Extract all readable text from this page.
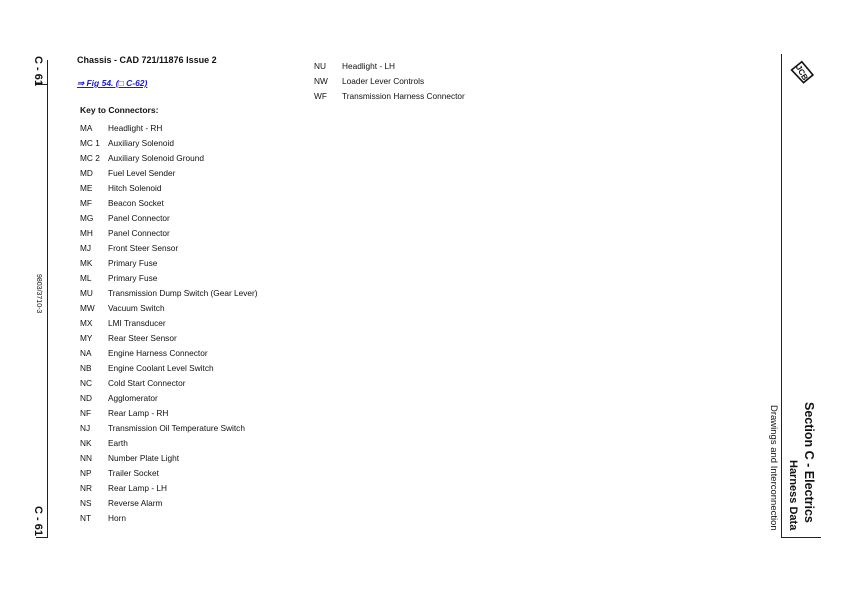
C - 61
9803/3710-3
C - 61
JCB
Section C - Electrics
Harness Data
Drawings and Interconnection
Chassis - CAD 721/11876 Issue 2
⇒ Fig 54. (□ C-62)
Key to Connectors:
MA	Headlight - RH
MC 1 Auxiliary Solenoid
MC 2 Auxiliary Solenoid Ground
MD	Fuel Level Sender
ME	Hitch Solenoid
MF	Beacon Socket
MG	Panel Connector
MH	Panel Connector
MJ	Front Steer Sensor
MK	Primary Fuse
ML	Primary Fuse
MU	Transmission Dump Switch (Gear Lever)
MW	Vacuum Switch
MX	LMI Transducer
MY	Rear Steer Sensor
NA	Engine Harness Connector
NB	Engine Coolant Level Switch
NC	Cold Start Connector
ND	Agglomerator
NF	Rear Lamp - RH
NJ	Transmission Oil Temperature Switch
NK	Earth
NN	Number Plate Light
NP	Trailer Socket
NR	Rear Lamp - LH
NS	Reverse Alarm
NT	Horn
NU	Headlight - LH
NW	Loader Lever Controls
WF	Transmission Harness Connector
